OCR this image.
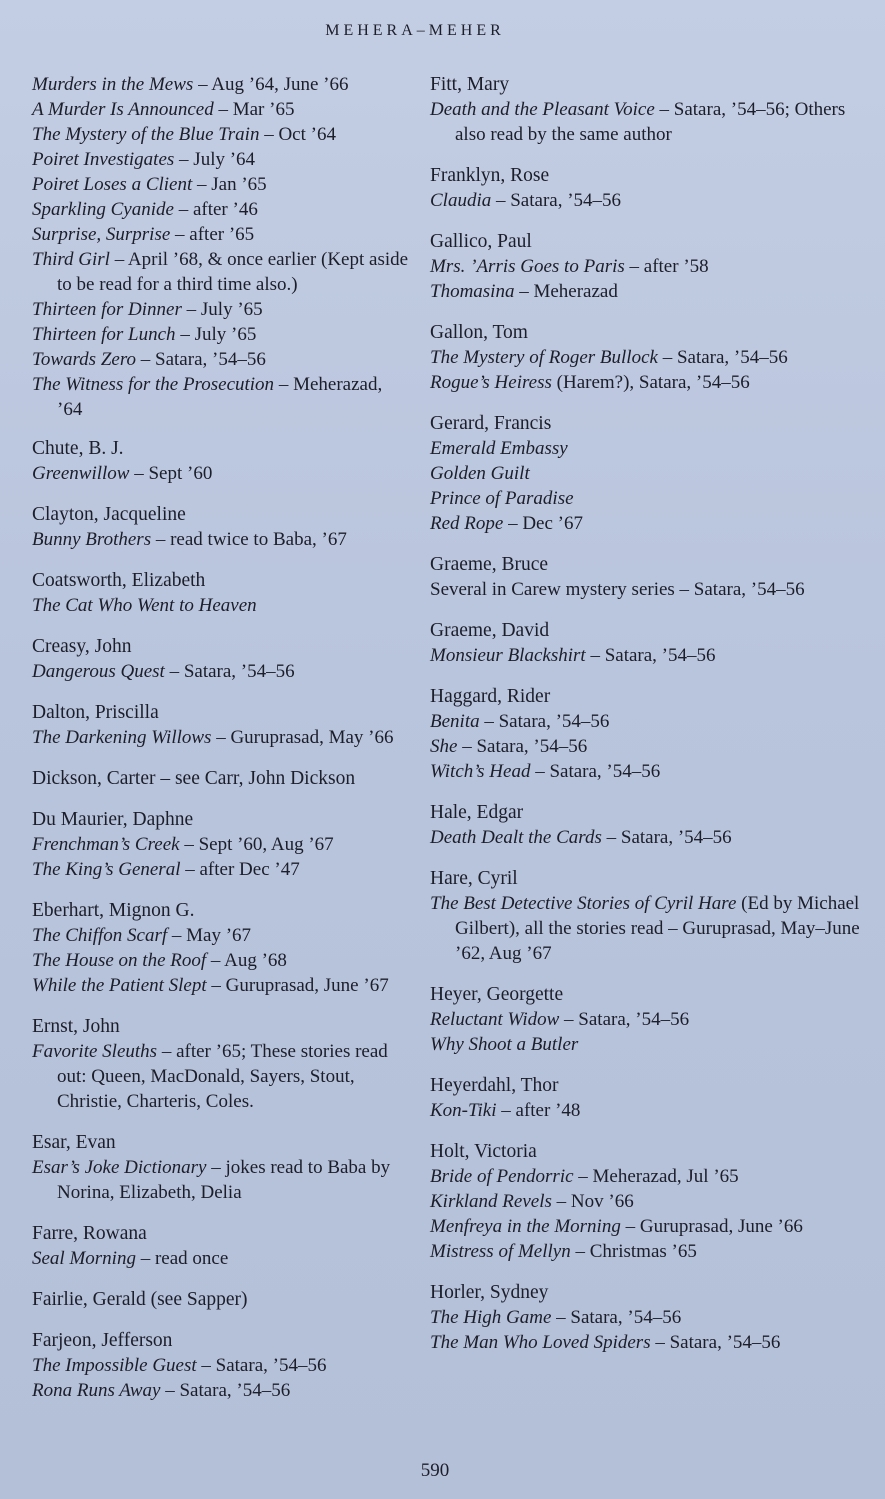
MEHERA–MEHER
Murders in the Mews – Aug ’64, June ’66
A Murder Is Announced – Mar ’65
The Mystery of the Blue Train – Oct ’64
Poiret Investigates – July ’64
Poiret Loses a Client – Jan ’65
Sparkling Cyanide – after ’46
Surprise, Surprise – after ’65
Third Girl – April ’68, & once earlier (Kept aside to be read for a third time also.)
Thirteen for Dinner – July ’65
Thirteen for Lunch – July ’65
Towards Zero – Satara, ’54–56
The Witness for the Prosecution – Meherazad, ’64
Chute, B. J.
Greenwillow – Sept ’60
Clayton, Jacqueline
Bunny Brothers – read twice to Baba, ’67
Coatsworth, Elizabeth
The Cat Who Went to Heaven
Creasy, John
Dangerous Quest – Satara, ’54–56
Dalton, Priscilla
The Darkening Willows – Guruprasad, May ’66
Dickson, Carter – see Carr, John Dickson
Du Maurier, Daphne
Frenchman’s Creek – Sept ’60, Aug ’67
The King’s General – after Dec ’47
Eberhart, Mignon G.
The Chiffon Scarf – May ’67
The House on the Roof – Aug ’68
While the Patient Slept – Guruprasad, June ’67
Ernst, John
Favorite Sleuths – after ’65; These stories read out: Queen, MacDonald, Sayers, Stout, Christie, Charteris, Coles.
Esar, Evan
Esar’s Joke Dictionary – jokes read to Baba by Norina, Elizabeth, Delia
Farre, Rowana
Seal Morning – read once
Fairlie, Gerald (see Sapper)
Farjeon, Jefferson
The Impossible Guest – Satara, ’54–56
Rona Runs Away – Satara, ’54–56
Fitt, Mary
Death and the Pleasant Voice – Satara, ’54–56; Others also read by the same author
Franklyn, Rose
Claudia – Satara, ’54–56
Gallico, Paul
Mrs. ’Arris Goes to Paris – after ’58
Thomasina – Meherazad
Gallon, Tom
The Mystery of Roger Bullock – Satara, ’54–56
Rogue’s Heiress (Harem?), Satara, ’54–56
Gerard, Francis
Emerald Embassy
Golden Guilt
Prince of Paradise
Red Rope – Dec ’67
Graeme, Bruce
Several in Carew mystery series – Satara, ’54–56
Graeme, David
Monsieur Blackshirt – Satara, ’54–56
Haggard, Rider
Benita – Satara, ’54–56
She – Satara, ’54–56
Witch’s Head – Satara, ’54–56
Hale, Edgar
Death Dealt the Cards – Satara, ’54–56
Hare, Cyril
The Best Detective Stories of Cyril Hare (Ed by Michael Gilbert), all the stories read – Guruprasad, May–June ’62, Aug ’67
Heyer, Georgette
Reluctant Widow – Satara, ’54–56
Why Shoot a Butler
Heyerdahl, Thor
Kon-Tiki – after ’48
Holt, Victoria
Bride of Pendorric – Meherazad, Jul ’65
Kirkland Revels – Nov ’66
Menfreya in the Morning – Guruprasad, June ’66
Mistress of Mellyn – Christmas ’65
Horler, Sydney
The High Game – Satara, ’54–56
The Man Who Loved Spiders – Satara, ’54–56
590
